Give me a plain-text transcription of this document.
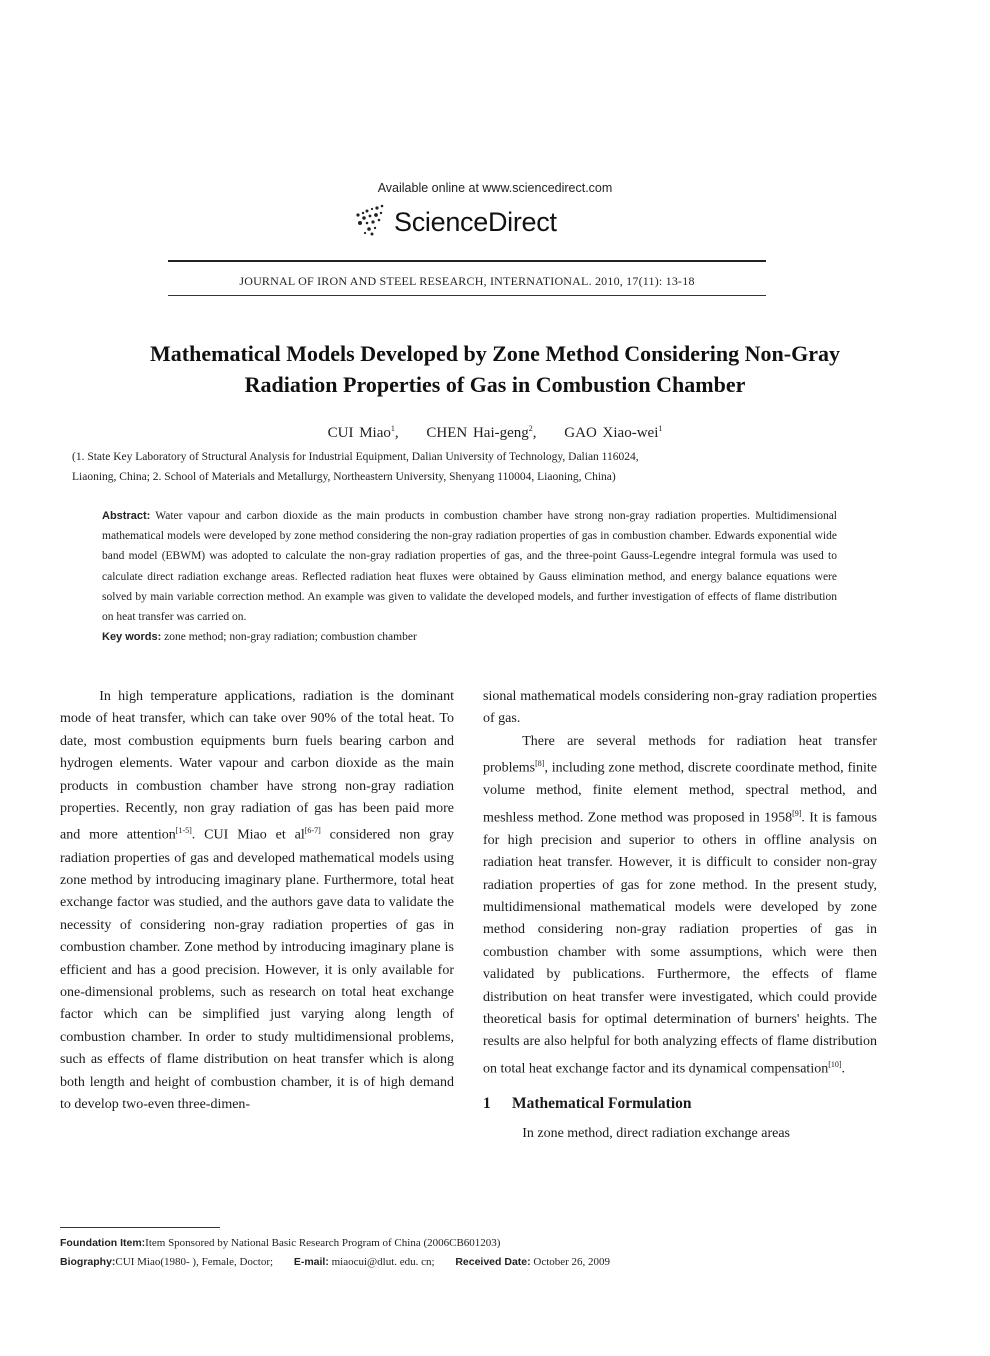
Available online at www.sciencedirect.com
ScienceDirect
JOURNAL OF IRON AND STEEL RESEARCH, INTERNATIONAL. 2010, 17(11): 13-18
Mathematical Models Developed by Zone Method Considering Non-Gray
Radiation Properties of Gas in Combustion Chamber
CUI Miao$^1$, CHEN Hai-geng$^2$, GAO Xiao-wei$^1$
(1. State Key Laboratory of Structural Analysis for Industrial Equipment, Dalian University of Technology, Dalian 116024,
Liaoning, China; 2. School of Materials and Metallurgy, Northeastern University, Shenyang 110004, Liaoning, China)
Abstract: Water vapour and carbon dioxide as the main products in combustion chamber have strong non-gray radiation properties. Multidimensional mathematical models were developed by zone method considering the non-gray radiation properties of gas in combustion chamber. Edwards exponential wide band model (EBWM) was adopted to calculate the non-gray radiation properties of gas, and the three-point Gauss-Legendre integral formula was used to calculate direct radiation exchange areas. Reflected radiation heat fluxes were obtained by Gauss elimination method, and energy balance equations were solved by main variable correction method. An example was given to validate the developed models, and further investigation of effects of flame distribution on heat transfer was carried on.
Key words: zone method; non-gray radiation; combustion chamber

In high temperature applications, radiation is the dominant mode of heat transfer, which can take over 90% of the total heat. To date, most combustion equipments burn fuels bearing carbon and hydrogen elements. Water vapour and carbon dioxide as the main products in combustion chamber have strong non-gray radiation properties. Recently, non gray radiation of gas has been paid more and more attention[1-5]. CUI Miao et al[6-7] considered non gray radiation properties of gas and developed mathematical models using zone method by introducing imaginary plane. Furthermore, total heat exchange factor was studied, and the authors gave data to validate the necessity of considering non-gray radiation properties of gas in combustion chamber. Zone method by introducing imaginary plane is efficient and has a good precision. However, it is only available for one-dimensional problems, such as research on total heat exchange factor which can be simplified just varying along length of combustion chamber. In order to study multidimensional problems, such as effects of flame distribution on heat transfer which is along both length and height of combustion chamber, it is of high demand to develop two-even three-dimen-

sional mathematical models considering non-gray radiation properties of gas.

There are several methods for radiation heat transfer problems[8], including zone method, discrete coordinate method, finite volume method, finite element method, spectral method, and meshless method. Zone method was proposed in 1958[9]. It is famous for high precision and superior to others in offline analysis on radiation heat transfer. However, it is difficult to consider non-gray radiation properties of gas for zone method. In the present study, multidimensional mathematical models were developed by zone method considering non-gray radiation properties of gas in combustion chamber with some assumptions, which were then validated by publications. Furthermore, the effects of flame distribution on heat transfer were investigated, which could provide theoretical basis for optimal determination of burners' heights. The results are also helpful for both analyzing effects of flame distribution on total heat exchange factor and its dynamical compensation[10].

1 Mathematical Formulation

In zone method, direct radiation exchange areas

Foundation Item:Item Sponsored by National Basic Research Program of China (2006CB601203)
Biography:CUI Miao(1980- ), Female, Doctor; E-mail: miaocui@dlut. edu. cn; Received Date: October 26, 2009
